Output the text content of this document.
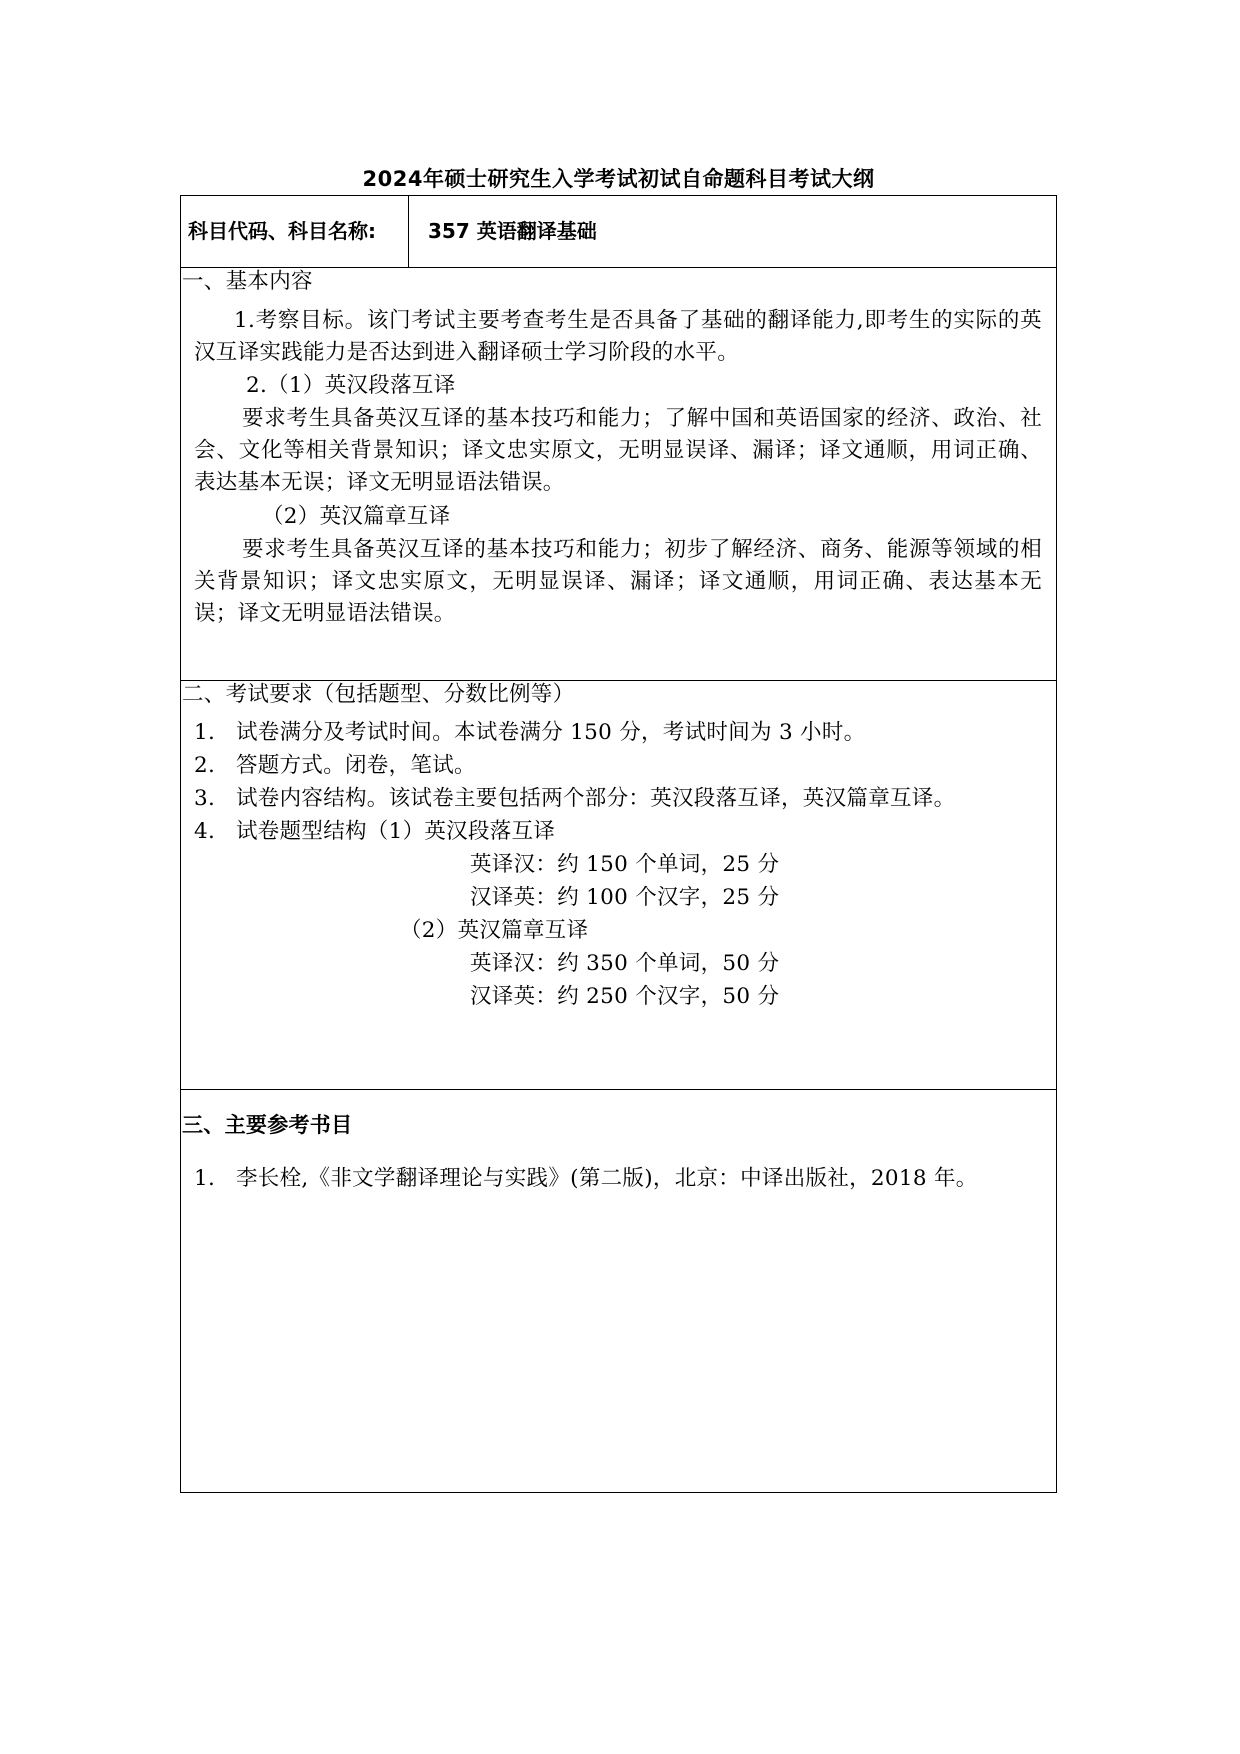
2024年硕士研究生入学考试初试自命题科目考试大纲
科目代码、科目名称:	357 英语翻译基础
一、基本内容
1.考察目标。该门考试主要考查考生是否具备了基础的翻译能力,即考生的实际的英汉互译实践能力是否达到进入翻译硕士学习阶段的水平。
2.（1）英汉段落互译
要求考生具备英汉互译的基本技巧和能力；了解中国和英语国家的经济、政治、社会、文化等相关背景知识；译文忠实原文，无明显误译、漏译；译文通顺，用词正确、表达基本无误；译文无明显语法错误。
（2）英汉篇章互译
要求考生具备英汉互译的基本技巧和能力；初步了解经济、商务、能源等领域的相关背景知识；译文忠实原文，无明显误译、漏译；译文通顺，用词正确、表达基本无误；译文无明显语法错误。
二、考试要求（包括题型、分数比例等）
1. 试卷满分及考试时间。本试卷满分 150 分，考试时间为 3 小时。
2. 答题方式。闭卷，笔试。
3. 试卷内容结构。该试卷主要包括两个部分：英汉段落互译，英汉篇章互译。
4. 试卷题型结构（1）英汉段落互译
英译汉：约 150 个单词，25 分
汉译英：约 100 个汉字，25 分
（2）英汉篇章互译
英译汉：约 350 个单词，50 分
汉译英：约 250 个汉字，50 分
三、主要参考书目
1. 李长栓,《非文学翻译理论与实践》(第二版)，北京：中译出版社，2018 年。
